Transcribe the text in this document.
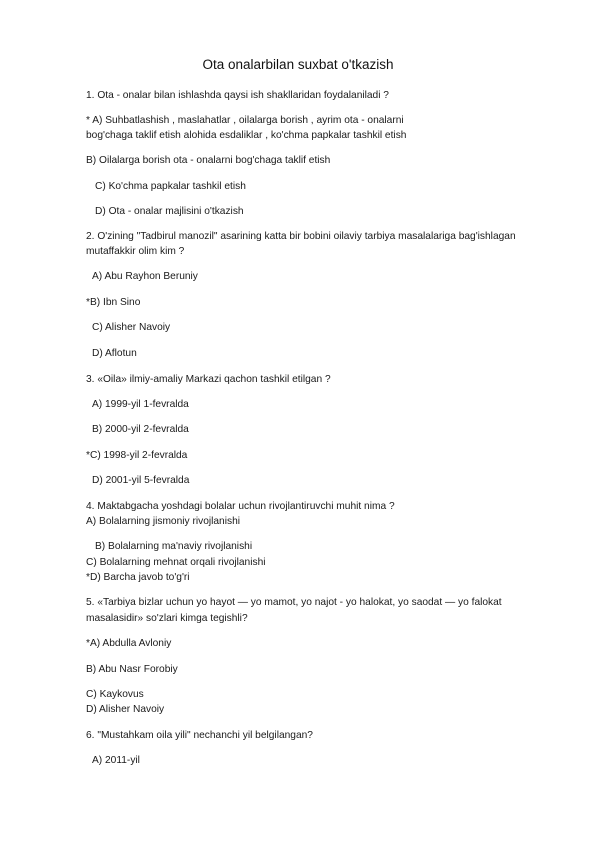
Ota onalarbilan suxbat o'tkazish
1. Ota - onalar bilan ishlashda qaysi ish shakllaridan foydalaniladi ?
* A) Suhbatlashish , maslahatlar , oilalarga borish , ayrim ota - onalarni
bog'chaga taklif etish alohida esdaliklar , ko'chma papkalar tashkil etish
B) Oilalarga borish ota - onalarni bog'chaga taklif etish
C) Ko'chma papkalar tashkil etish
D) Ota - onalar majlisini o'tkazish
2. O'zining "Tadbirul manozil" asarining katta bir bobini oilaviy tarbiya masalalariga bag'ishlagan
mutaffakkir olim kim ?
A) Abu Rayhon Beruniy
*B) Ibn Sino
C) Alisher Navoiy
D) Aflotun
3. «Oila» ilmiy-amaliy Markazi qachon tashkil etilgan ?
A) 1999-yil 1-fevralda
B) 2000-yil 2-fevralda
*C) 1998-yil 2-fevralda
D) 2001-yil 5-fevralda
4. Maktabgacha yoshdagi bolalar uchun rivojlantiruvchi muhit nima ?
A) Bolalarning jismoniy rivojlanishi
B) Bolalarning ma'naviy rivojlanishi
C) Bolalarning mehnat orqali rivojlanishi
*D) Barcha javob to'g'ri
5. «Tarbiya bizlar uchun yo hayot — yo mamot, yo najot - yo halokat, yo saodat — yo falokat
masalasidir» so'zlari kimga tegishli?
*A) Abdulla Avloniy
B) Abu Nasr Forobiy
C) Kaykovus
D) Alisher Navoiy
6. "Mustahkam oila yili" nechanchi yil belgilangan?
A) 2011-yil
